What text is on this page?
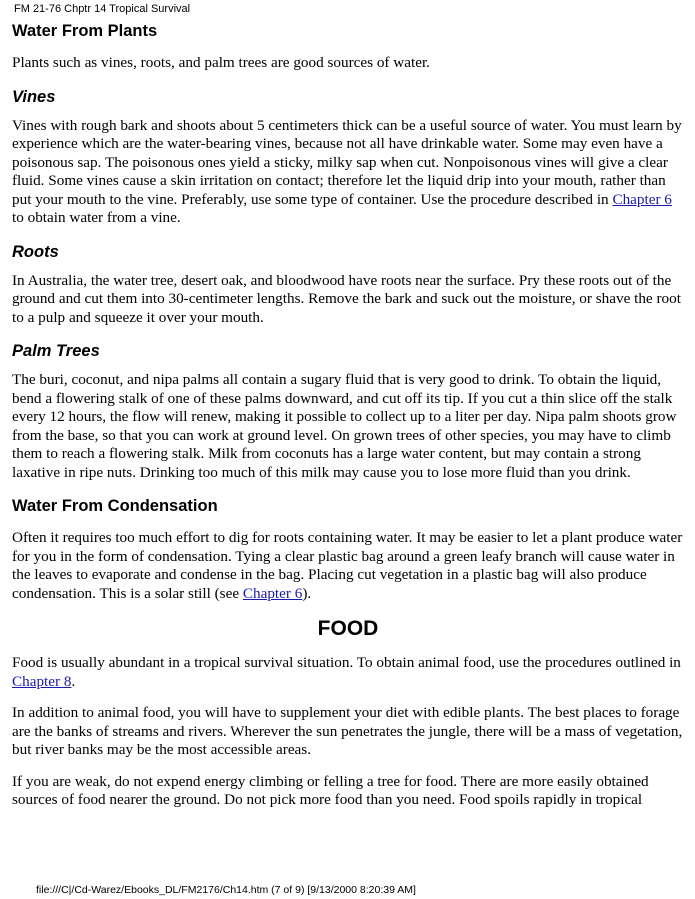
FM 21-76 Chptr 14 Tropical Survival
Water From Plants

Plants such as vines, roots, and palm trees are good sources of water.

Vines

Vines with rough bark and shoots about 5 centimeters thick can be a useful source of water. You must learn by experience which are the water-bearing vines, because not all have drinkable water. Some may even have a poisonous sap. The poisonous ones yield a sticky, milky sap when cut. Nonpoisonous vines will give a clear fluid. Some vines cause a skin irritation on contact; therefore let the liquid drip into your mouth, rather than put your mouth to the vine. Preferably, use some type of container. Use the procedure described in Chapter 6 to obtain water from a vine.

Roots

In Australia, the water tree, desert oak, and bloodwood have roots near the surface. Pry these roots out of the ground and cut them into 30-centimeter lengths. Remove the bark and suck out the moisture, or shave the root to a pulp and squeeze it over your mouth.

Palm Trees

The buri, coconut, and nipa palms all contain a sugary fluid that is very good to drink. To obtain the liquid, bend a flowering stalk of one of these palms downward, and cut off its tip. If you cut a thin slice off the stalk every 12 hours, the flow will renew, making it possible to collect up to a liter per day. Nipa palm shoots grow from the base, so that you can work at ground level. On grown trees of other species, you may have to climb them to reach a flowering stalk. Milk from coconuts has a large water content, but may contain a strong laxative in ripe nuts. Drinking too much of this milk may cause you to lose more fluid than you drink.

Water From Condensation

Often it requires too much effort to dig for roots containing water. It may be easier to let a plant produce water for you in the form of condensation. Tying a clear plastic bag around a green leafy branch will cause water in the leaves to evaporate and condense in the bag. Placing cut vegetation in a plastic bag will also produce condensation. This is a solar still (see Chapter 6).

FOOD

Food is usually abundant in a tropical survival situation. To obtain animal food, use the procedures outlined in Chapter 8.

In addition to animal food, you will have to supplement your diet with edible plants. The best places to forage are the banks of streams and rivers. Wherever the sun penetrates the jungle, there will be a mass of vegetation, but river banks may be the most accessible areas.

If you are weak, do not expend energy climbing or felling a tree for food. There are more easily obtained sources of food nearer the ground. Do not pick more food than you need. Food spoils rapidly in tropical

file:///C|/Cd-Warez/Ebooks_DL/FM2176/Ch14.htm (7 of 9) [9/13/2000 8:20:39 AM]
